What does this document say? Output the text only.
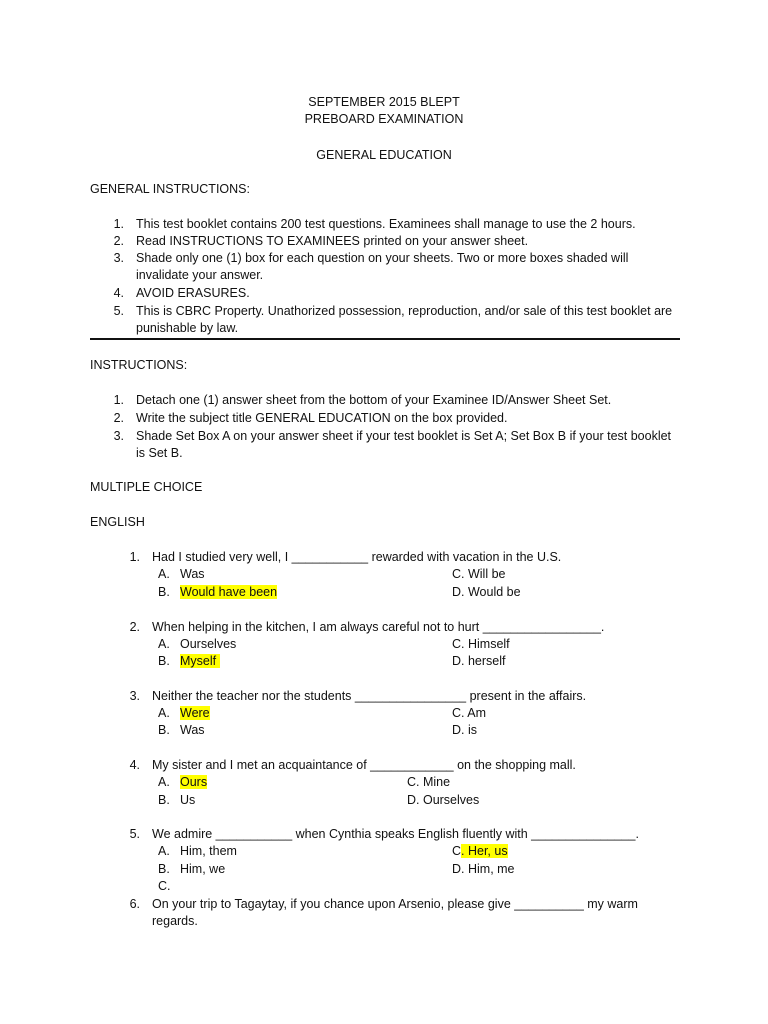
SEPTEMBER 2015 BLEPT
PREBOARD EXAMINATION
GENERAL EDUCATION
GENERAL INSTRUCTIONS:
1. This test booklet contains 200 test questions. Examinees shall manage to use the 2 hours.
2. Read INSTRUCTIONS TO EXAMINEES printed on your answer sheet.
3. Shade only one (1) box for each question on your sheets. Two or more boxes shaded will
invalidate your answer.
4. AVOID ERASURES.
5. This is CBRC Property. Unathorized possession, reproduction, and/or sale of this test booklet are
punishable by law.
INSTRUCTIONS:
1. Detach one (1) answer sheet from the bottom of your Examinee ID/Answer Sheet Set.
2. Write the subject title GENERAL EDUCATION on the box provided.
3. Shade Set Box A on your answer sheet if your test booklet is Set A; Set Box B if your test booklet
is Set B.
MULTIPLE CHOICE
ENGLISH
1. Had I studied very well, I ___________ rewarded with vacation in the U.S.
A. Was	C. Will be
B. Would have been	D. Would be
2. When helping in the kitchen, I am always careful not to hurt _________________.
A. Ourselves	C. Himself
B. Myself	D. herself
3. Neither the teacher nor the students ________________ present in the affairs.
A. Were	C. Am
B. Was	D. is
4. My sister and I met an acquaintance of ____________ on the shopping mall.
A. Ours	C. Mine
B. Us	D. Ourselves
5. We admire ___________ when Cynthia speaks English fluently with _______________.
A. Him, them	C. Her, us
B. Him, we	D. Him, me
C.
6. On your trip to Tagaytay, if you chance upon Arsenio, please give __________ my warm
regards.
